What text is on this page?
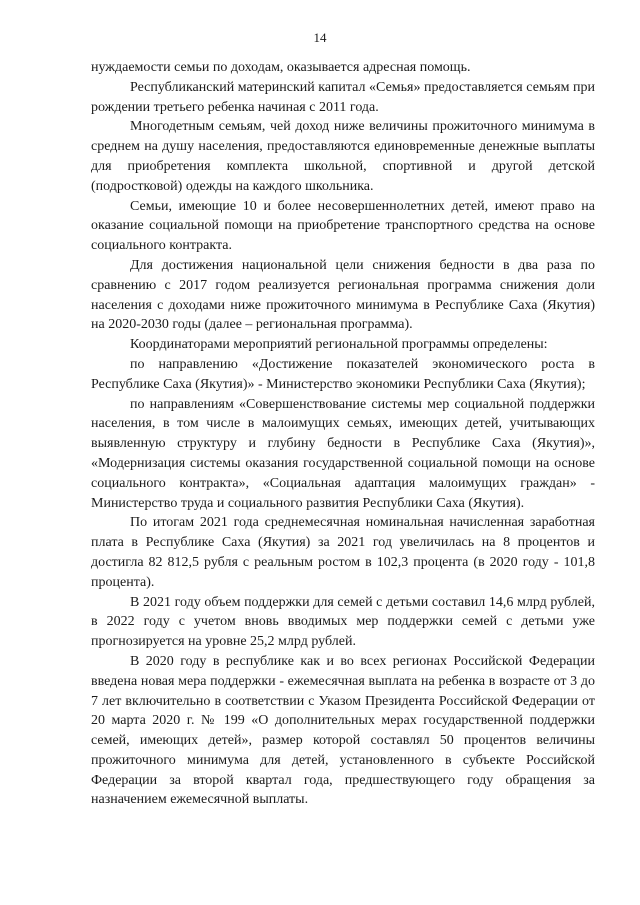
14

нуждаемости семьи по доходам, оказывается адресная помощь.

Республиканский материнский капитал «Семья» предоставляется семьям при рождении третьего ребенка начиная с 2011 года.

Многодетным семьям, чей доход ниже величины прожиточного минимума в среднем на душу населения, предоставляются единовременные денежные выплаты для приобретения комплекта школьной, спортивной и другой детской (подростковой) одежды на каждого школьника.

Семьи, имеющие 10 и более несовершеннолетних детей, имеют право на оказание социальной помощи на приобретение транспортного средства на основе социального контракта.

Для достижения национальной цели снижения бедности в два раза по сравнению с 2017 годом реализуется региональная программа снижения доли населения с доходами ниже прожиточного минимума в Республике Саха (Якутия) на 2020-2030 годы (далее – региональная программа).

Координаторами мероприятий региональной программы определены:

по направлению «Достижение показателей экономического роста в Республике Саха (Якутия)» - Министерство экономики Республики Саха (Якутия);

по направлениям «Совершенствование системы мер социальной поддержки населения, в том числе в малоимущих семьях, имеющих детей, учитывающих выявленную структуру и глубину бедности в Республике Саха (Якутия)», «Модернизация системы оказания государственной социальной помощи на основе социального контракта», «Социальная адаптация малоимущих граждан» - Министерство труда и социального развития Республики Саха (Якутия).

По итогам 2021 года среднемесячная номинальная начисленная заработная плата в Республике Саха (Якутия) за 2021 год увеличилась на 8 процентов и достигла 82 812,5 рубля с реальным ростом в 102,3 процента (в 2020 году - 101,8 процента).

В 2021 году объем поддержки для семей с детьми составил 14,6 млрд рублей, в 2022 году с учетом вновь вводимых мер поддержки семей с детьми уже прогнозируется на уровне 25,2 млрд рублей.

В 2020 году в республике как и во всех регионах Российской Федерации введена новая мера поддержки - ежемесячная выплата на ребенка в возрасте от 3 до 7 лет включительно в соответствии с Указом Президента Российской Федерации от 20 марта 2020 г. № 199 «О дополнительных мерах государственной поддержки семей, имеющих детей», размер которой составлял 50 процентов величины прожиточного минимума для детей, установленного в субъекте Российской Федерации за второй квартал года, предшествующего году обращения за назначением ежемесячной выплаты.
